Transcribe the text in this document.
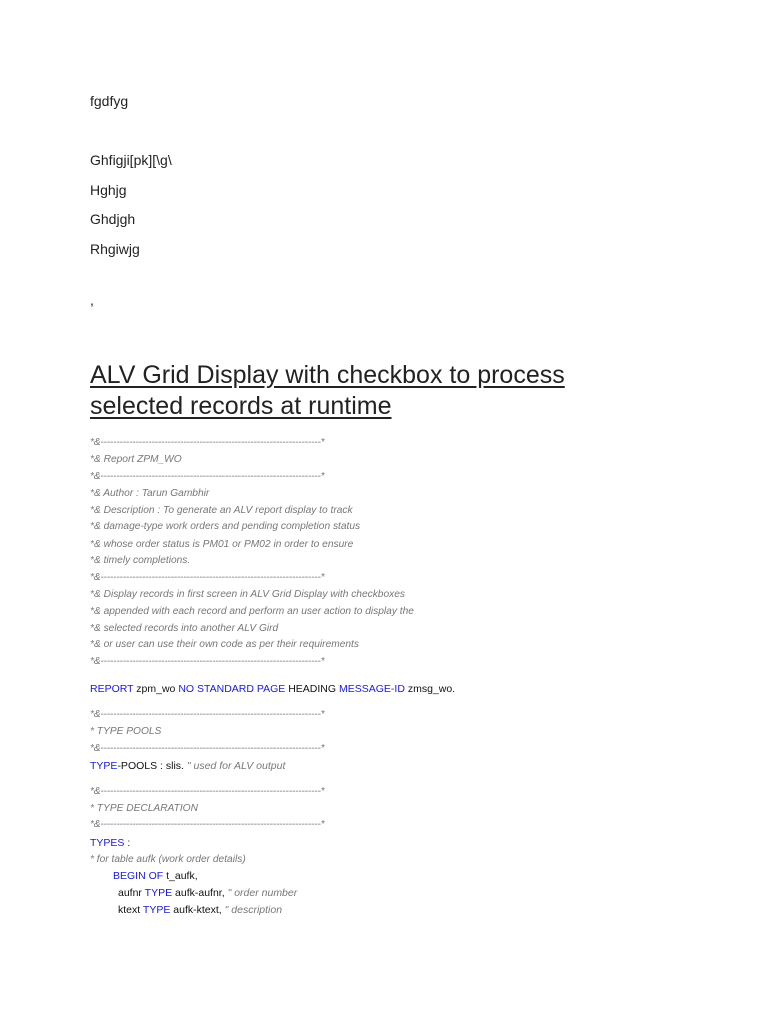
fgdfyg
Ghfigji[pk][\g\
Hghjg
Ghdjgh
Rhgiwjg
,
ALV Grid Display with checkbox to process selected records at runtime
*&---------------------------------------------------------------------*
*& Report ZPM_WO
*&---------------------------------------------------------------------*
*& Author : Tarun Gambhir
*& Description : To generate an ALV report display to track
*& damage-type work orders and pending completion status
*& whose order status is PM01 or PM02 in order to ensure
*& timely completions.
*&---------------------------------------------------------------------*
*& Display records in first screen in ALV Grid Display with checkboxes
*& appended with each record and perform an user action to display the
*& selected records into another ALV Gird
*& or user can use their own code as per their requirements
*&---------------------------------------------------------------------*
REPORT zpm_wo NO STANDARD PAGE HEADING MESSAGE-ID zmsg_wo.
*&---------------------------------------------------------------------*
* TYPE POOLS
*&---------------------------------------------------------------------*
TYPE-POOLS : slis. " used for ALV output
*&---------------------------------------------------------------------*
* TYPE DECLARATION
*&---------------------------------------------------------------------*
TYPES :
* for table aufk (work order details)
BEGIN OF t_aufk,
aufnr TYPE aufk-aufnr, " order number
ktext TYPE aufk-ktext, " description
